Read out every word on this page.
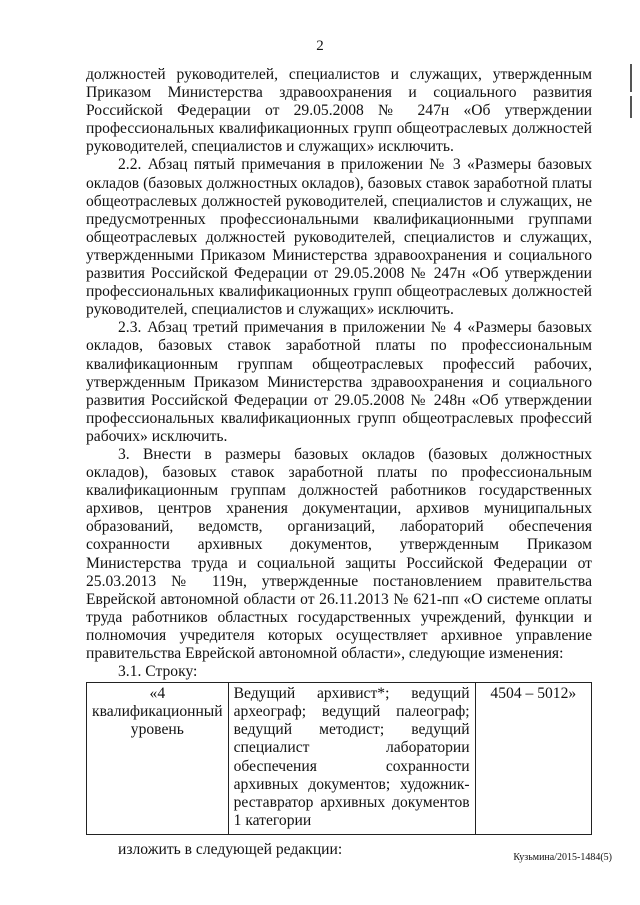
2

должностей руководителей, специалистов и служащих, утвержденным Приказом Министерства здравоохранения и социального развития Российской Федерации от 29.05.2008 № 247н «Об утверждении профессиональных квалификационных групп общеотраслевых должностей руководителей, специалистов и служащих» исключить.

2.2. Абзац пятый примечания в приложении № 3 «Размеры базовых окладов (базовых должностных окладов), базовых ставок заработной платы общеотраслевых должностей руководителей, специалистов и служащих, не предусмотренных профессиональными квалификационными группами общеотраслевых должностей руководителей, специалистов и служащих, утвержденными Приказом Министерства здравоохранения и социального развития Российской Федерации от 29.05.2008 № 247н «Об утверждении профессиональных квалификационных групп общеотраслевых должностей руководителей, специалистов и служащих» исключить.

2.3. Абзац третий примечания в приложении № 4 «Размеры базовых окладов, базовых ставок заработной платы по профессиональным квалификационным группам общеотраслевых профессий рабочих, утвержденным Приказом Министерства здравоохранения и социального развития Российской Федерации от 29.05.2008 № 248н «Об утверждении профессиональных квалификационных групп общеотраслевых профессий рабочих» исключить.

3. Внести в размеры базовых окладов (базовых должностных окладов), базовых ставок заработной платы по профессиональным квалификационным группам должностей работников государственных архивов, центров хранения документации, архивов муниципальных образований, ведомств, организаций, лабораторий обеспечения сохранности архивных документов, утвержденным Приказом Министерства труда и социальной защиты Российской Федерации от 25.03.2013 № 119н, утвержденные постановлением правительства Еврейской автономной области от 26.11.2013 № 621-пп «О системе оплаты труда работников областных государственных учреждений, функции и полномочия учредителя которых осуществляет архивное управление правительства Еврейской автономной области», следующие изменения:

3.1. Строку:

«4 квалификационный уровень	Ведущий архивист*; ведущий археограф; ведущий палеограф; ведущий методист; ведущий специалист лаборатории обеспечения сохранности архивных документов; художник-реставратор архивных документов 1 категории	4504 – 5012»

изложить в следующей редакции:	Кузьмина/2015-1484(5)
